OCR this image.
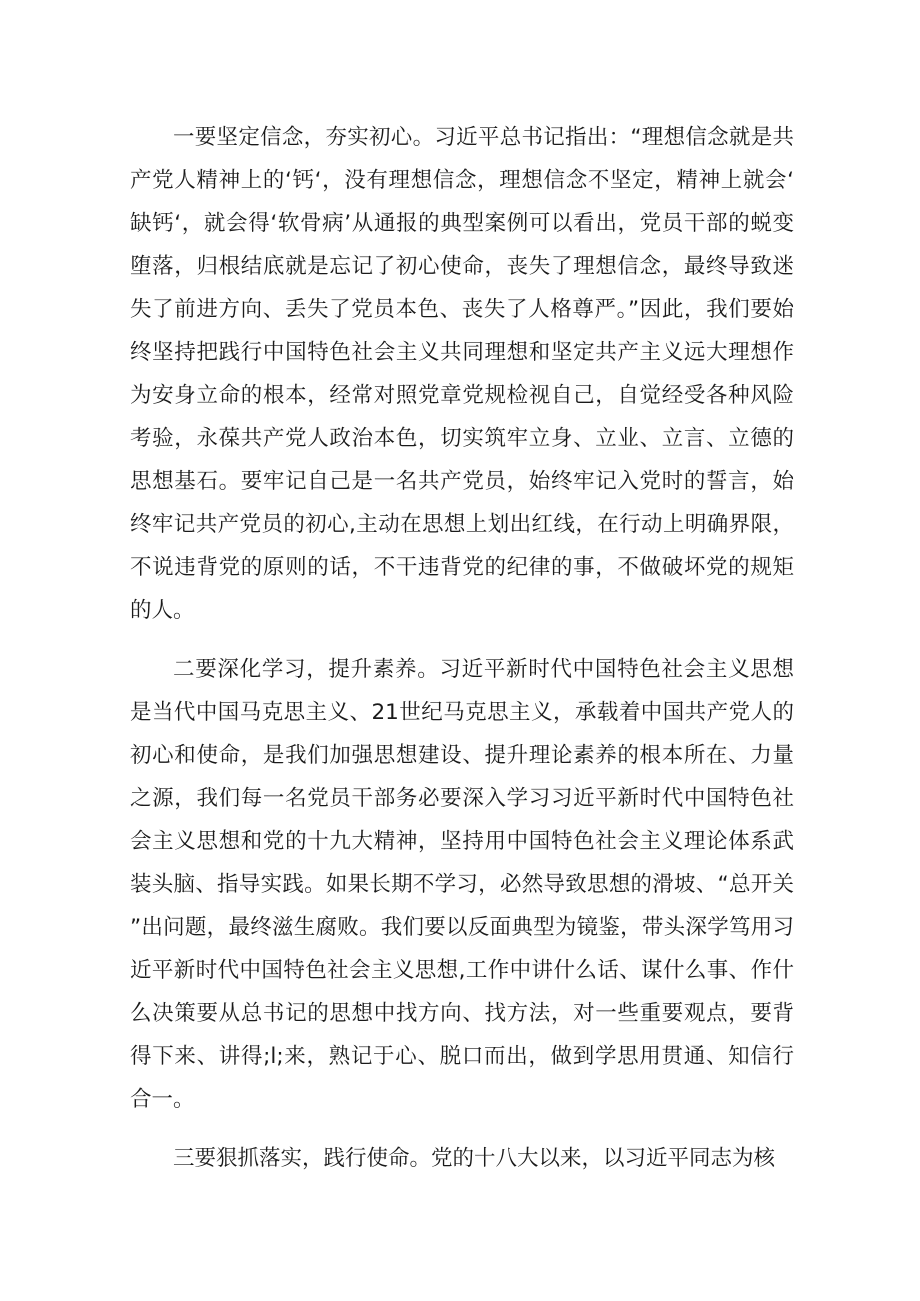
一要坚定信念，夯实初心。习近平总书记指出：“理想信念就是共产党人精神上的‘钙‘，没有理想信念，理想信念不坚定，精神上就会‘缺钙‘，就会得‘软骨病’从通报的典型案例可以看出，党员干部的蜕变堕落，归根结底就是忘记了初心使命，丧失了理想信念，最终导致迷失了前进方向、丢失了党员本色、丧失了人格尊严。”因此，我们要始终坚持把践行中国特色社会主义共同理想和坚定共产主义远大理想作为安身立命的根本，经常对照党章党规检视自己，自觉经受各种风险考验，永葆共产党人政治本色，切实筑牢立身、立业、立言、立德的思想基石。要牢记自己是一名共产党员，始终牢记入党时的誓言，始终牢记共产党员的初心,主动在思想上划出红线，在行动上明确界限，不说违背党的原则的话，不干违背党的纪律的事，不做破坏党的规矩的人。

二要深化学习，提升素养。习近平新时代中国特色社会主义思想是当代中国马克思主义、21世纪马克思主义，承载着中国共产党人的初心和使命，是我们加强思想建设、提升理论素养的根本所在、力量之源，我们每一名党员干部务必要深入学习习近平新时代中国特色社会主义思想和党的十九大精神，坚持用中国特色社会主义理论体系武装头脑、指导实践。如果长期不学习，必然导致思想的滑坡、“总开关”出问题，最终滋生腐败。我们要以反面典型为镜鉴，带头深学笃用习近平新时代中国特色社会主义思想,工作中讲什么话、谋什么事、作什么决策要从总书记的思想中找方向、找方法，对一些重要观点，要背得下来、讲得;l;来，熟记于心、脱口而出，做到学思用贯通、知信行合一。

三要狠抓落实，践行使命。党的十八大以来，以习近平同志为核
